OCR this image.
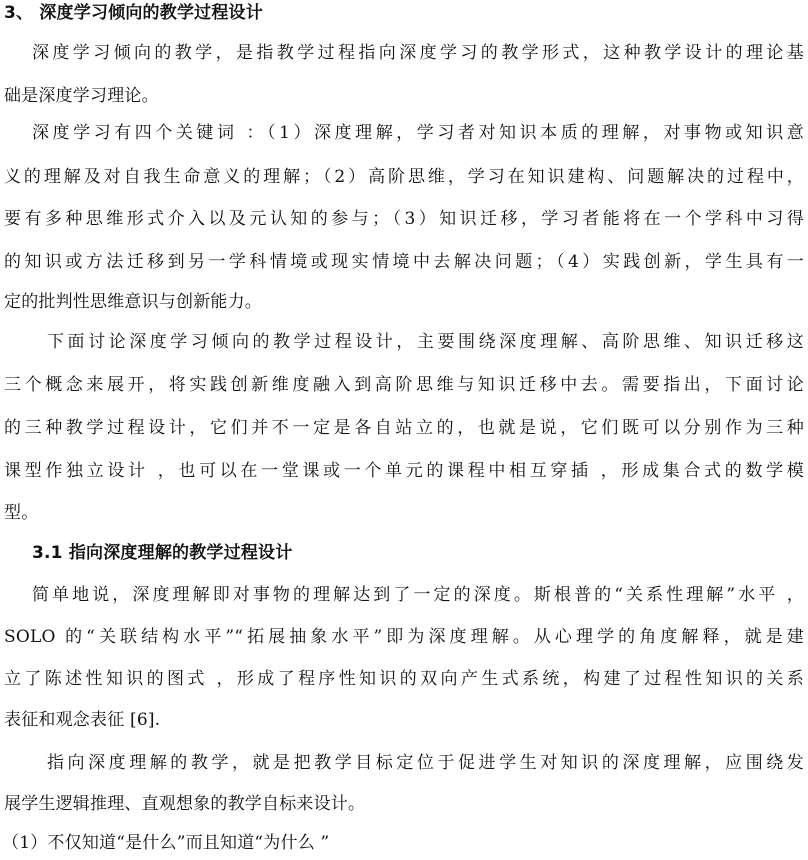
3、 深度学习倾向的教学过程设计
深度学习倾向的教学，是指教学过程指向深度学习的教学形式，这种教学设计的理论基
础是深度学习理论。
深度学习有四个关键词 ：（1）深度理解，学习者对知识本质的理解，对事物或知识意
义的理解及对自我生命意义的理解；（2）高阶思维，学习在知识建构、问题解决的过程中，
要有多种思维形式介入以及元认知的参与；（3）知识迁移，学习者能将在一个学科中习得
的知识或方法迁移到另一学科情境或现实情境中去解决问题；（4）实践创新，学生具有一
定的批判性思维意识与创新能力。
下面讨论深度学习倾向的教学过程设计，主要围绕深度理解、高阶思维、知识迁移这
三个概念来展开，将实践创新维度融入到高阶思维与知识迁移中去。需要指出，下面讨论
的三种教学过程设计，它们并不一定是各自站立的，也就是说，它们既可以分别作为三种
课型作独立设计 ，也可以在一堂课或一个单元的课程中相互穿插 ，形成集合式的数学模
型。
3.1 指向深度理解的教学过程设计
简单地说，深度理解即对事物的理解达到了一定的深度。斯根普的“关系性理解”水平 ，
SOLO 的“关联结构水平”“拓展抽象水平”即为深度理解。从心理学的角度解释，就是建
立了陈述性知识的图式 ，形成了程序性知识的双向产生式系统，构建了过程性知识的关系
表征和观念表征 [6].
指向深度理解的教学，就是把教学目标定位于促进学生对知识的深度理解，应围绕发
展学生逻辑推理、直观想象的教学自标来设计。
（1）不仅知道“是什么”而且知道“为什么 ”
